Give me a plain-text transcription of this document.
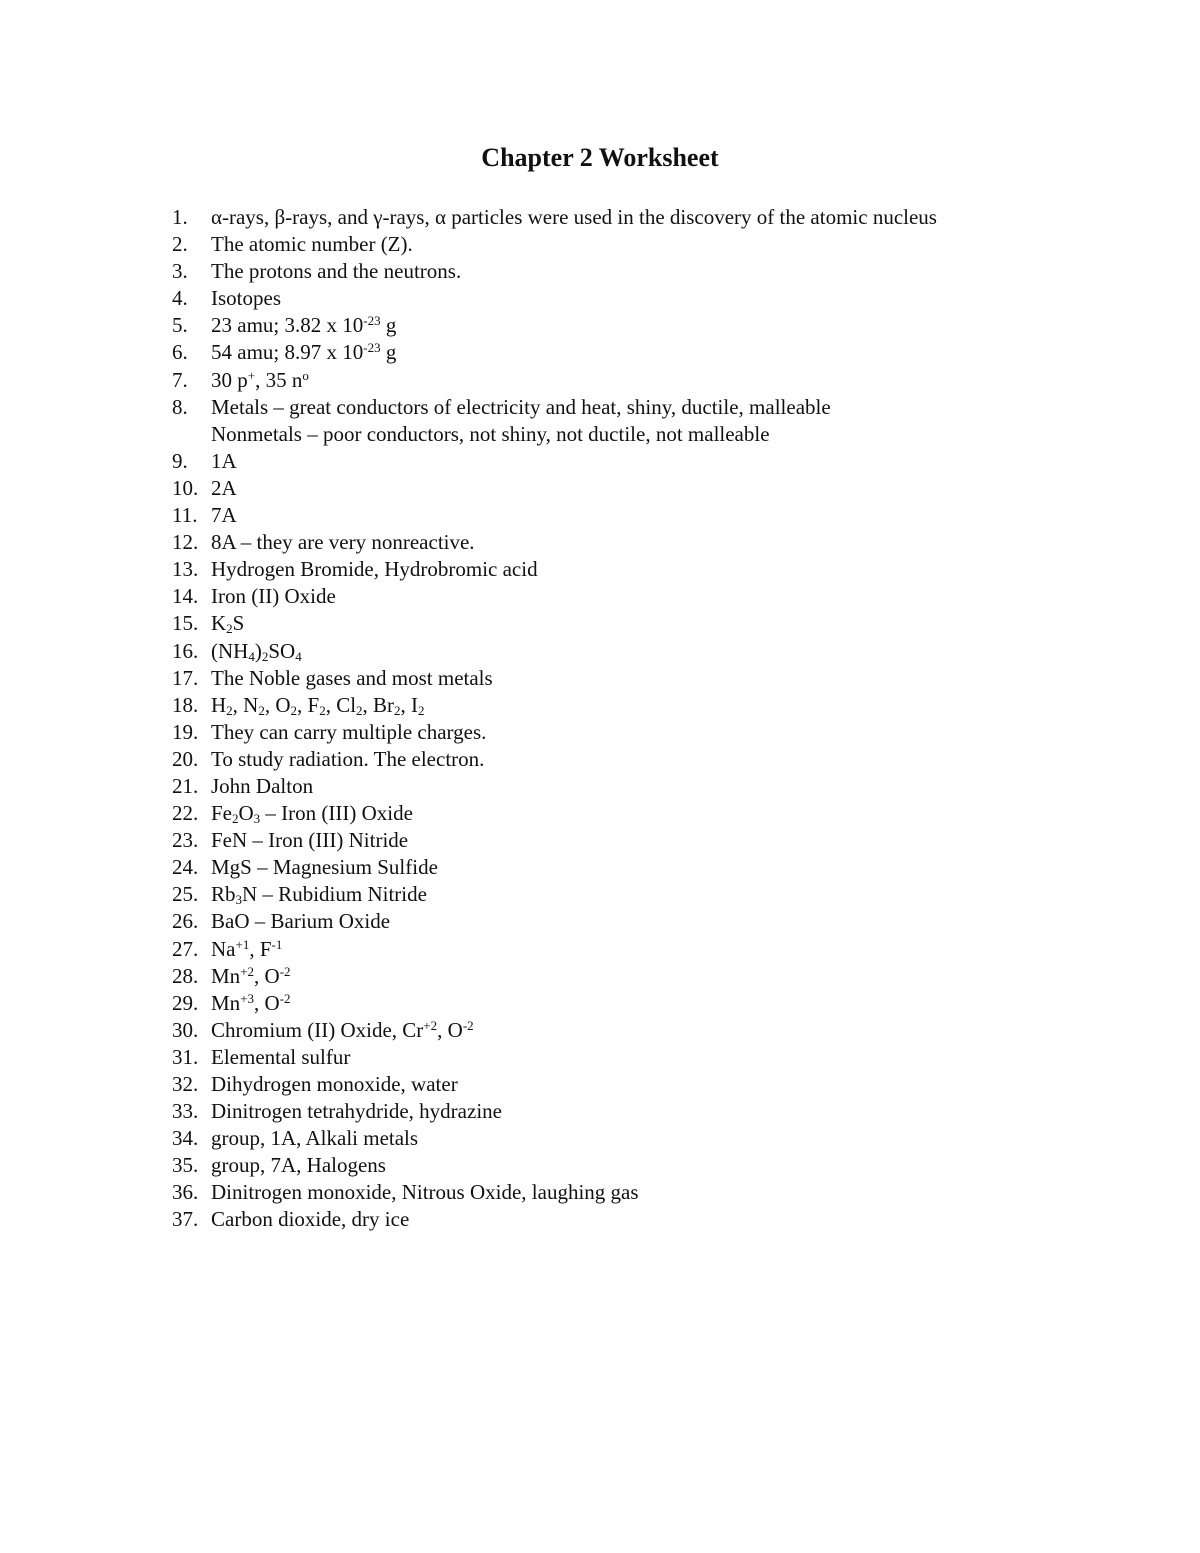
Chapter 2 Worksheet
1.	α-rays, β-rays, and γ-rays, α particles were used in the discovery of the atomic nucleus
2.	The atomic number (Z).
3.	The protons and the neutrons.
4.	Isotopes
5.	23 amu; 3.82 x $10^{-23}$ g
6.	54 amu; 8.97 x $10^{-23}$ g
7.	30 p+, 35 $n^o$
8.	Metals – great conductors of electricity and heat, shiny, ductile, malleable
Nonmetals – poor conductors, not shiny, not ductile, not malleable
9.	1A
10. 2A
11. 7A
12. 8A – they are very nonreactive.
13. Hydrogen Bromide, Hydrobromic acid
14. Iron (II) Oxide
15. $K_2S$
16. $(NH_4)_2SO_4$
17. The Noble gases and most metals
18. $H_2$, $N_2$, $O_2$, $F_2$, $Cl_2$, $Br_2$, $I_2$
19. They can carry multiple charges.
20. To study radiation. The electron.
21. John Dalton
22. $Fe_2O_3$ – Iron (III) Oxide
23. FeN – Iron (III) Nitride
24. MgS – Magnesium Sulfide
25. $Rb_3N$ – Rubidium Nitride
26. BaO – Barium Oxide
27. $Na^{+1}$, $F^{-1}$
28. $Mn^{+2}$, $O^{-2}$
29. $Mn^{+3}$, $O^{-2}$
30. Chromium (II) Oxide, $Cr^{+2}$, $O^{-2}$
31. Elemental sulfur
32. Dihydrogen monoxide, water
33. Dinitrogen tetrahydride, hydrazine
34. group, 1A, Alkali metals
35. group, 7A, Halogens
36. Dinitrogen monoxide, Nitrous Oxide, laughing gas
37. Carbon dioxide, dry ice
